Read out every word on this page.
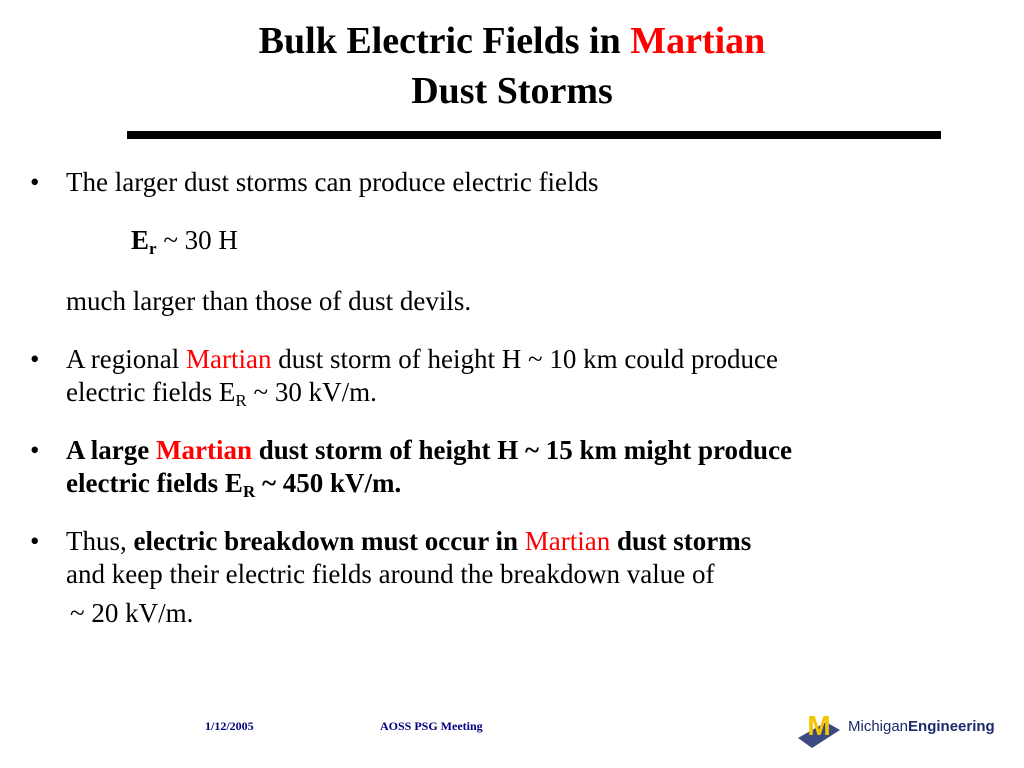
Bulk Electric Fields in Martian
Dust Storms
• The larger dust storms can produce electric fields
$E_r$ ~ 30 H
much larger than those of dust devils.
• A regional Martian dust storm of height H ~ 10 km could produce
electric fields $E_R$ ~ 30 kV/m.
• A large Martian dust storm of height H ~ 15 km might produce
electric fields $E_R$ ~ 450 kV/m.
• Thus, electric breakdown must occur in Martian dust storms
and keep their electric fields around the breakdown value of
~ 20 kV/m.
1/12/2005	AOSS PSG Meeting	M MichiganEngineering
